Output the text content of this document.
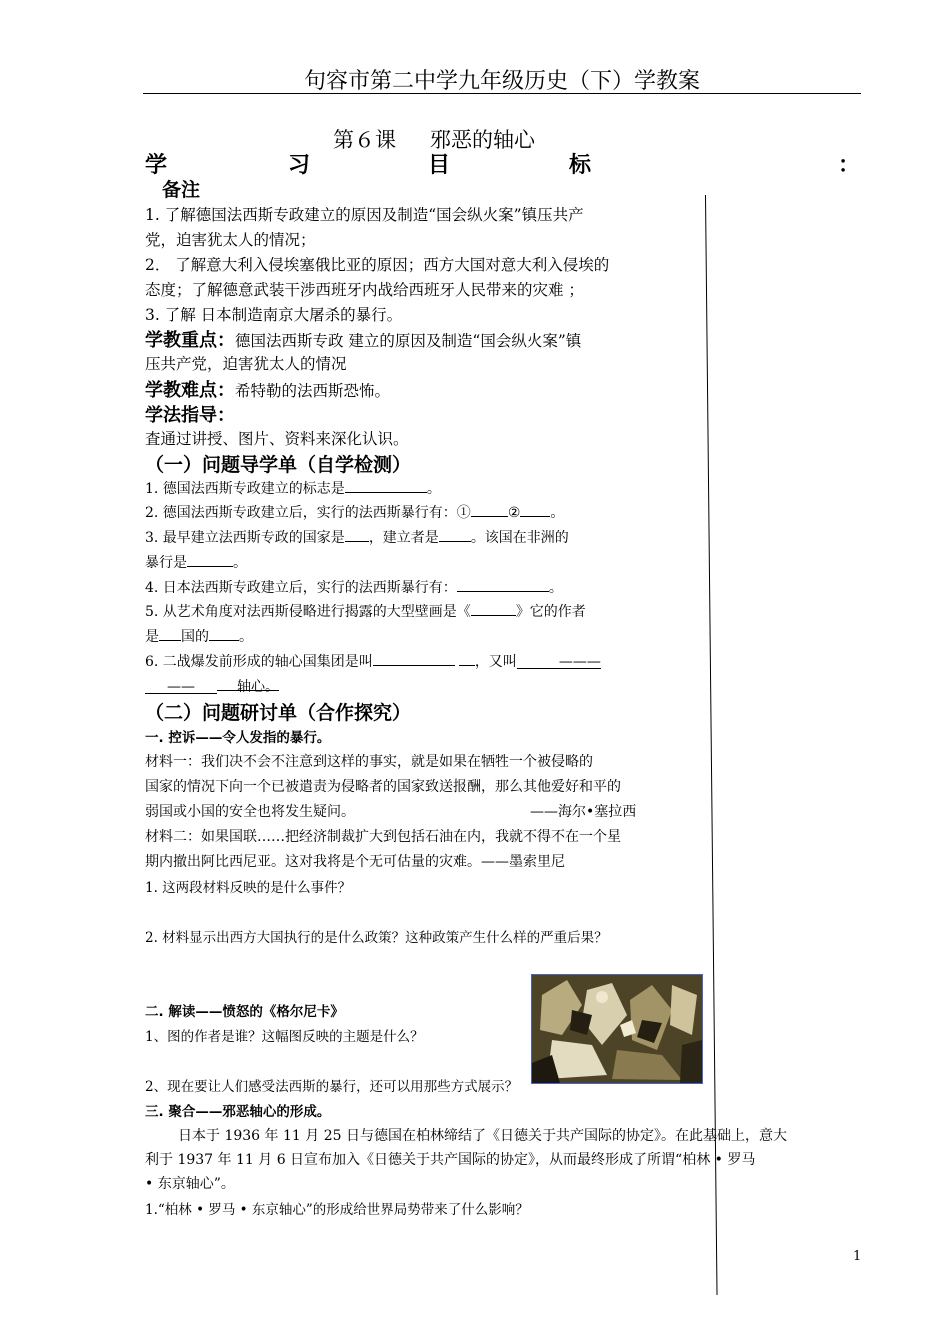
句容市第二中学九年级历史（下）学教案
第６课 邪恶的轴心
学	习	目	标	：
备注
1. 了解德国法西斯专政建立的原因及制造“国会纵火案”镇压共产
党，迫害犹太人的情况；
2． 了解意大利入侵埃塞俄比亚的原因；西方大国对意大利入侵埃的
态度；了解德意武装干涉西班牙内战给西班牙人民带来的灾难 ；
3. 了解 日本制造南京大屠杀的暴行。
学教重点：德国法西斯专政 建立的原因及制造“国会纵火案”镇
压共产党，迫害犹太人的情况
学教难点：希特勒的法西斯恐怖。
学法指导：
査通过讲授、图片、资料来深化认识。
（一）问题导学单（自学检测）
1. 德国法西斯专政建立的标志是	。
2. 德国法西斯专政建立后，实行的法西斯暴行有：①	② 。
3. 最早建立法西斯专政的国家是 ，建立者是 。该国在非洲的
暴行是	。
4. 日本法西斯专政建立后，实行的法西斯暴行有：	。
5. 从艺术角度对法西斯侵略进行揭露的大型壁画是《	》它的作者
是 国的 。
6. 二战爆发前形成的轴心国集团是叫	，又叫	———
——	轴心。
（二）问题研讨单（合作探究）
一. 控诉——令人发指的暴行。
材料一：我们决不会不注意到这样的事实，就是如果在牺牲一个被侵略的
国家的情况下向一个已被遣责为侵略者的国家致送报酬，那么其他爱好和平的
弱国或小国的安全也将发生疑问。	——海尔•塞拉西
材料二：如果国联……把经济制裁扩大到包括石油在内，我就不得不在一个星
期内撤出阿比西尼亚。这对我将是个无可估量的灾难。——墨索里尼
1. 这两段材料反映的是什么事件？
2. 材料显示出西方大国执行的是什么政策？这种政策产生什么样的严重后果？
二. 解读——愤怒的《格尔尼卡》
1、图的作者是谁？这幅图反映的主题是什么？
2、现在要让人们感受法西斯的暴行，还可以用那些方式展示？
三. 聚合——邪恶轴心的形成。
日本于 1936 年 11 月 25 日与德国在柏林缔结了《日德关于共产国际的协定》。在此基础上，意大
利于 1937 年 11 月 6 日宣布加入《日德关于共产国际的协定》，从而最终形成了所谓“柏林 • 罗马
• 东京轴心”。
1.“柏林 • 罗马 • 东京轴心”的形成给世界局势带来了什么影响？
1
